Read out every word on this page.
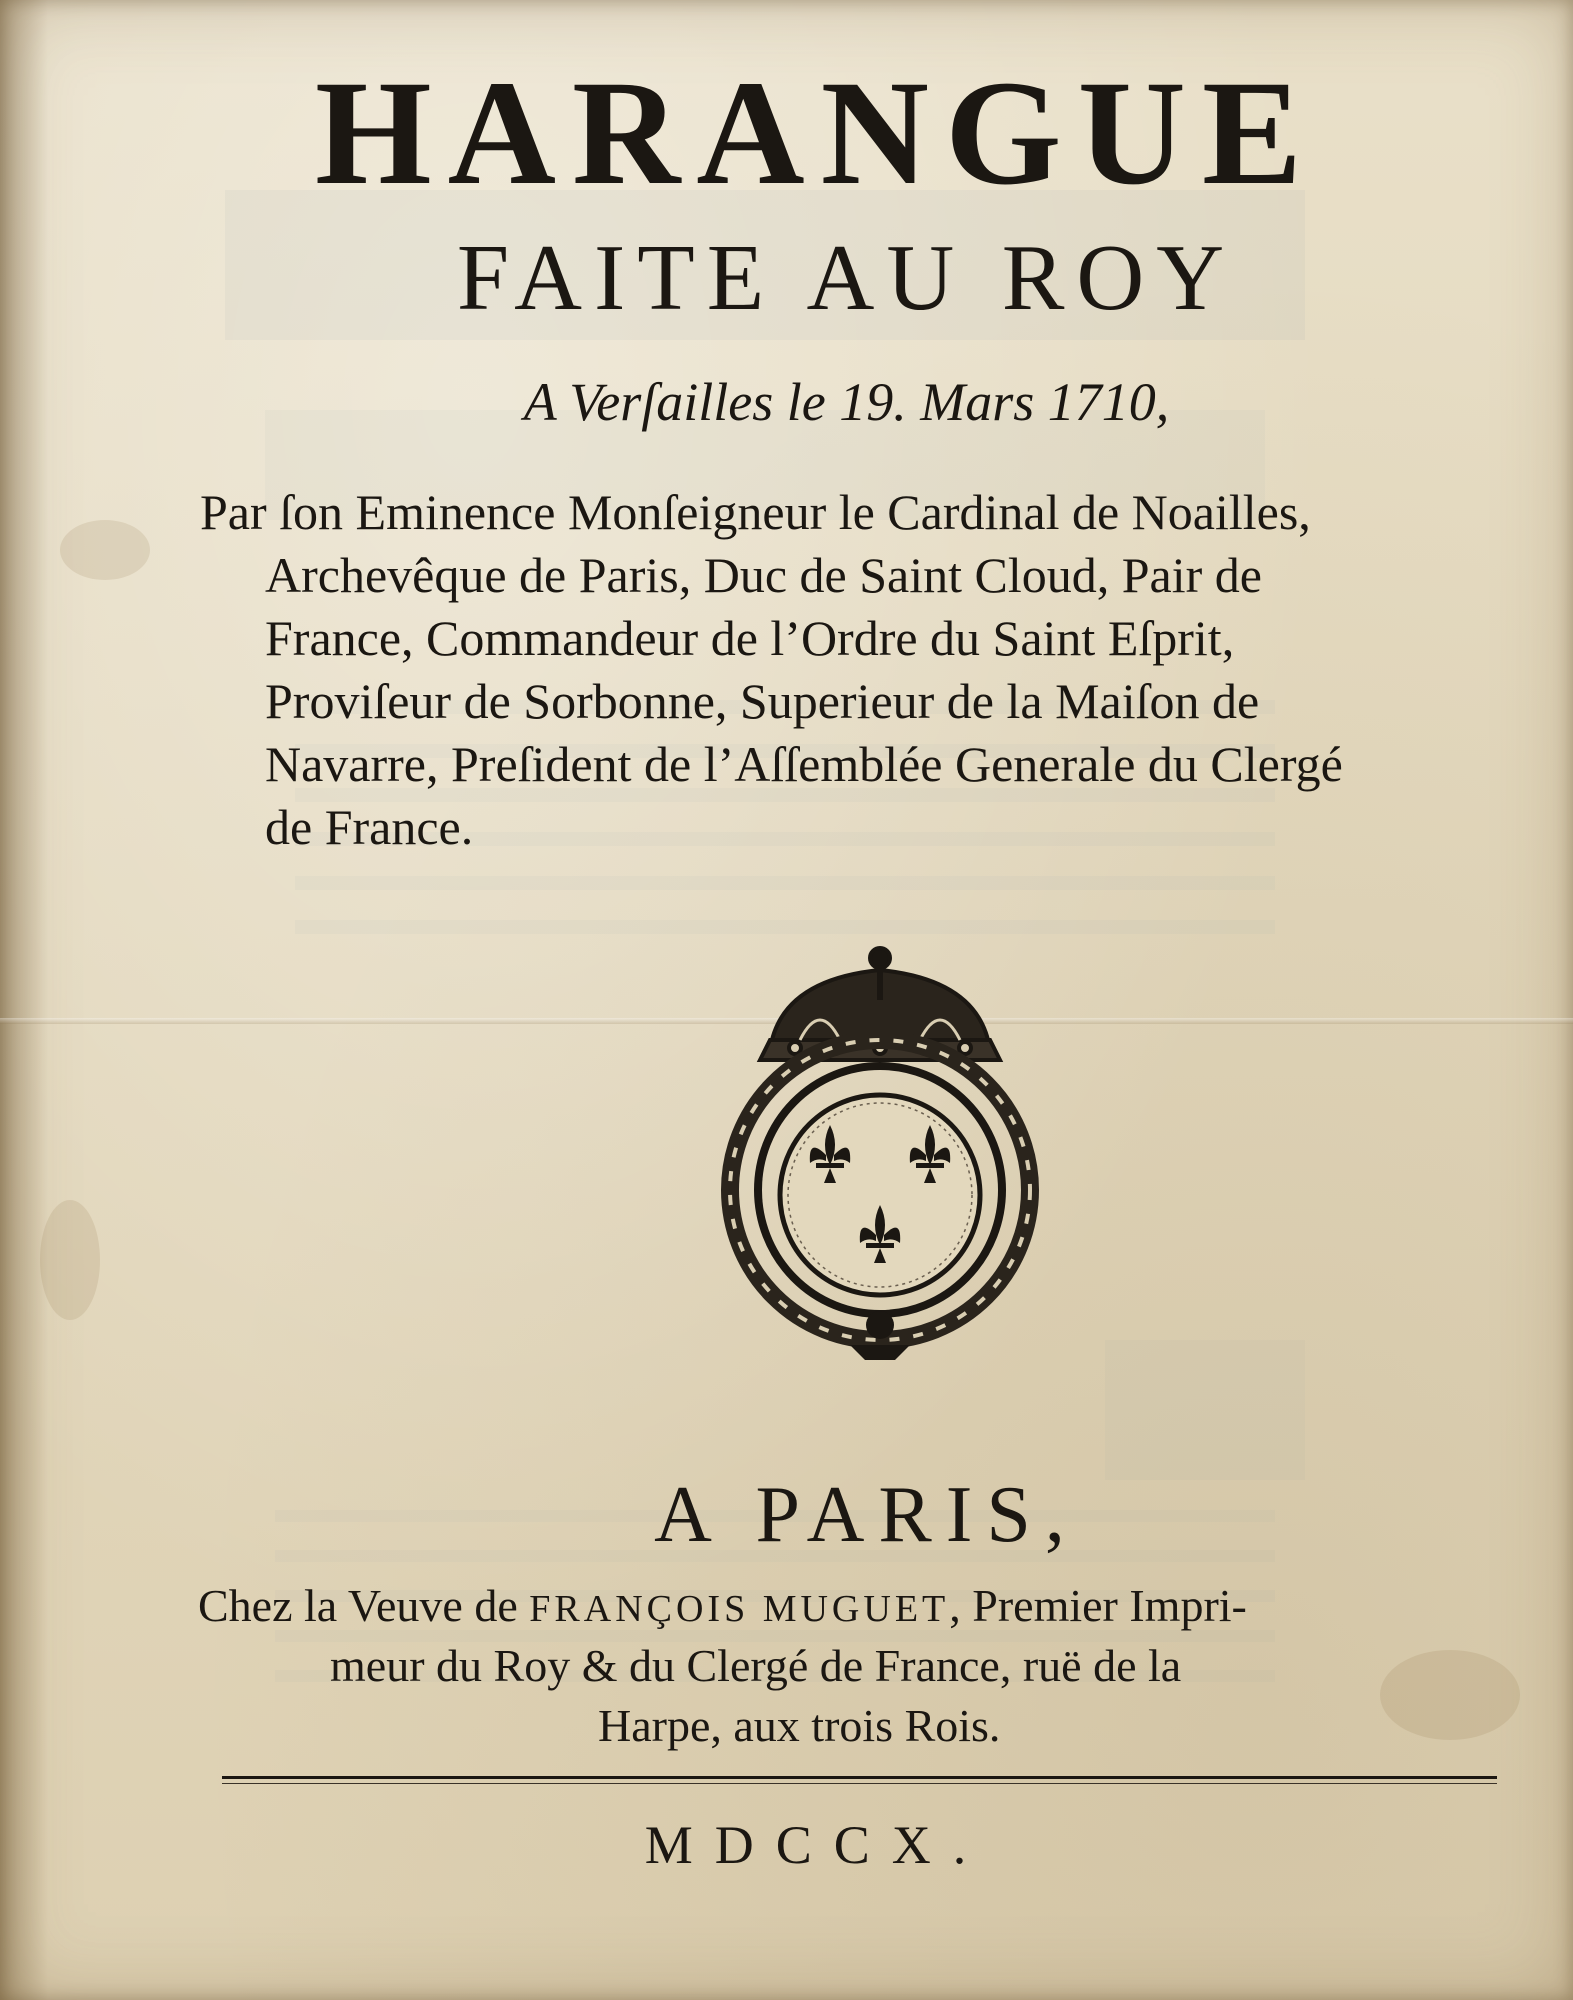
HARANGUE
FAITE AU ROY
A Verſailles le 19. Mars 1710,
Par ſon Eminence Monſeigneur le Cardinal de Noailles,
Archevêque de Paris, Duc de Saint Cloud, Pair de
France, Commandeur de l’Ordre du Saint Eſprit,
Proviſeur de Sorbonne, Superieur de la Maiſon de
Navarre, Preſident de l’Aſſemblée Generale du Clergé
de France.
A PARIS,
Chez la Veuve de FRANÇOIS MUGUET, Premier Impri-
meur du Roy & du Clergé de France, ruë de la
Harpe, aux trois Rois.
MDCCX.
